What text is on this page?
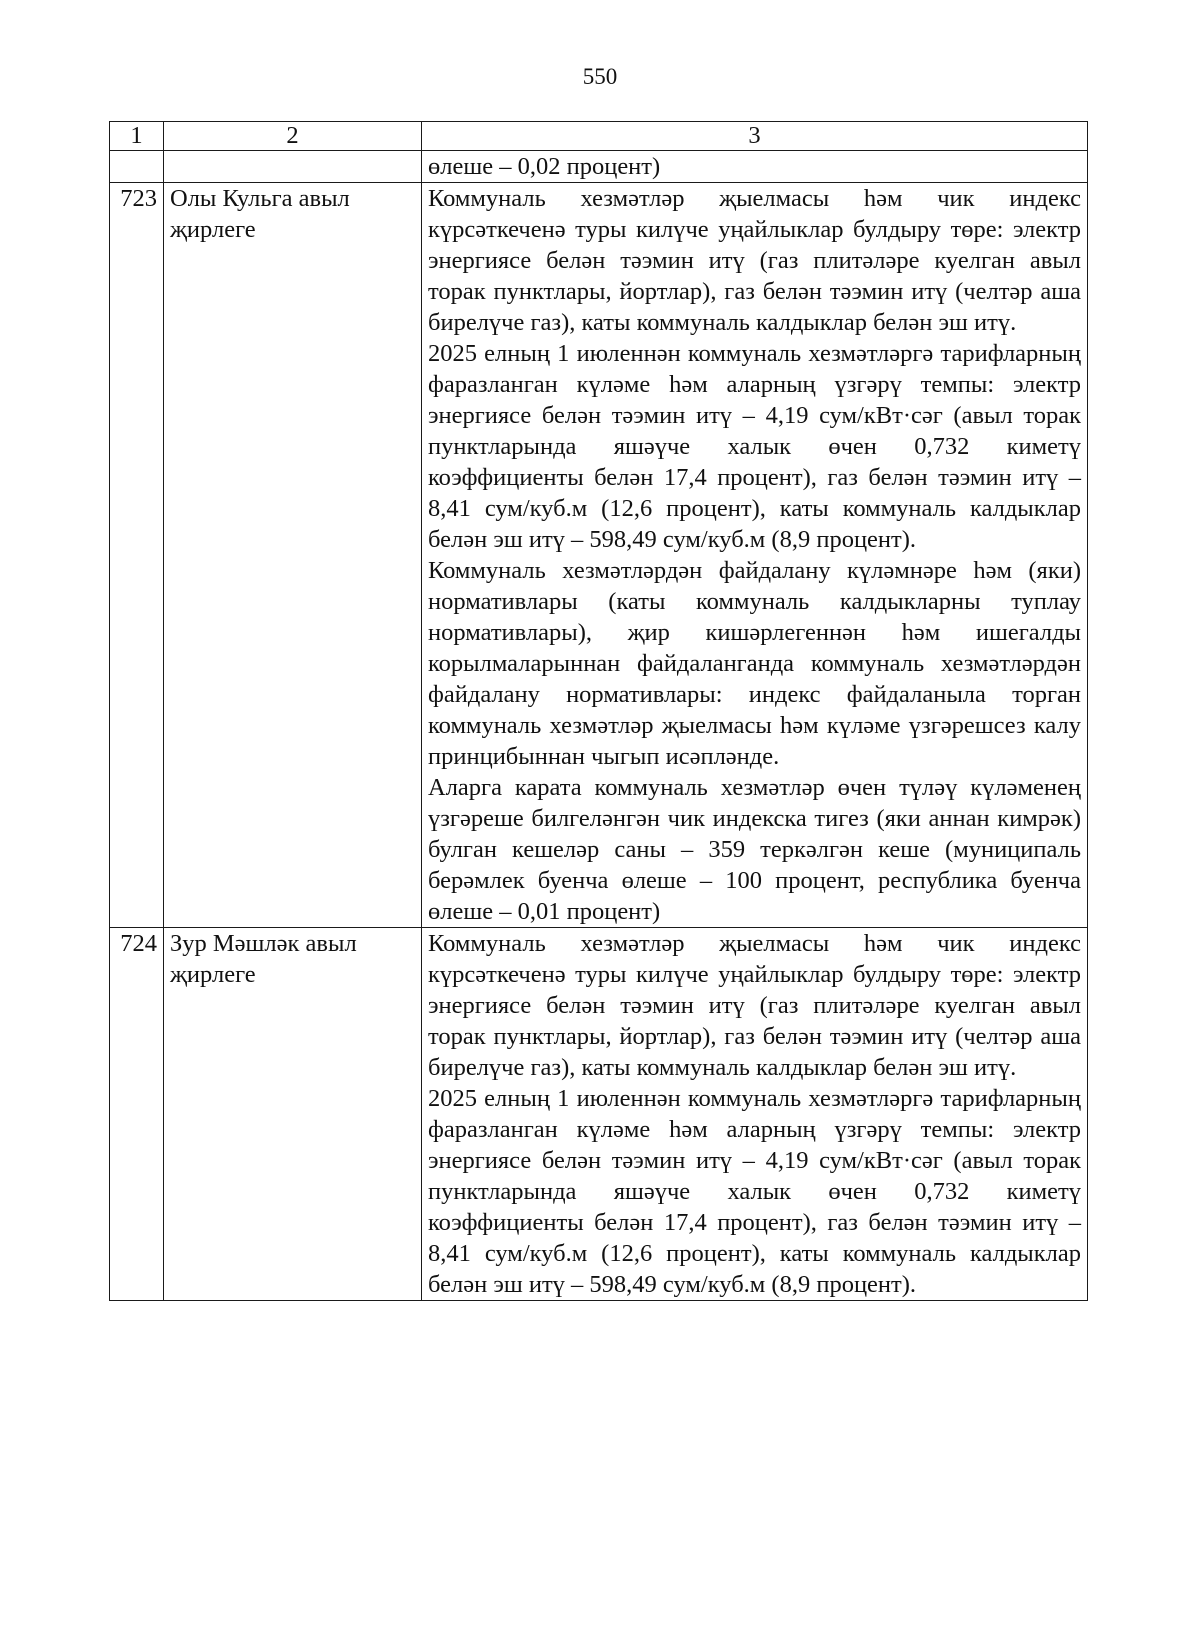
550
1	2	3

		өлеше – 0,02 процент)

723	Олы Кульга авыл җирлеге	Коммуналь хезмәтләр җыелмасы һәм чик индекс күрсәткеченә туры килүче уңайлыклар булдыру төре: электр энергиясе белән тәэмин итү (газ плитәләре куелган авыл торак пунктлары, йортлар), газ белән тәэмин итү (челтәр аша бирелүче газ), каты коммуналь калдыклар белән эш итү.

2025 елның 1 июленнән коммуналь хезмәтләргә тарифларның фаразланган күләме һәм аларның үзгәрү темпы: электр энергиясе белән тәэмин итү – 4,19 сум/кВт·сәг (авыл торак пунктларында яшәүче халык өчен 0,732 киметү коэффициенты белән 17,4 процент), газ белән тәэмин итү – 8,41 сум/куб.м (12,6 процент), каты коммуналь калдыклар белән эш итү – 598,49 сум/куб.м (8,9 процент).

Коммуналь хезмәтләрдән файдалану күләмнәре һәм (яки) нормативлары (каты коммуналь калдыкларны туплау нормативлары), җир кишәрлегеннән һәм ишегалды корылмаларыннан файдаланганда коммуналь хезмәтләрдән файдалану нормативлары: индекс файдаланыла торган коммуналь хезмәтләр җыелмасы һәм күләме үзгәрешсез калу принцибыннан чыгып исәпләнде.

Аларга карата коммуналь хезмәтләр өчен түләү күләменең үзгәреше билгеләнгән чик индекска тигез (яки аннан кимрәк) булган кешеләр саны – 359 теркәлгән кеше (муниципаль берәмлек буенча өлеше – 100 процент, республика буенча өлеше – 0,01 процент)

724	Зур Мәшләк авыл җирлеге	Коммуналь хезмәтләр җыелмасы һәм чик индекс күрсәткеченә туры килүче уңайлыклар булдыру төре: электр энергиясе белән тәэмин итү (газ плитәләре куелган авыл торак пунктлары, йортлар), газ белән тәэмин итү (челтәр аша бирелүче газ), каты коммуналь калдыклар белән эш итү.

2025 елның 1 июленнән коммуналь хезмәтләргә тарифларның фаразланган күләме һәм аларның үзгәрү темпы: электр энергиясе белән тәэмин итү – 4,19 сум/кВт·сәг (авыл торак пунктларында яшәүче халык өчен 0,732 киметү коэффициенты белән 17,4 процент), газ белән тәэмин итү – 8,41 сум/куб.м (12,6 процент), каты коммуналь калдыклар белән эш итү – 598,49 сум/куб.м (8,9 процент).
